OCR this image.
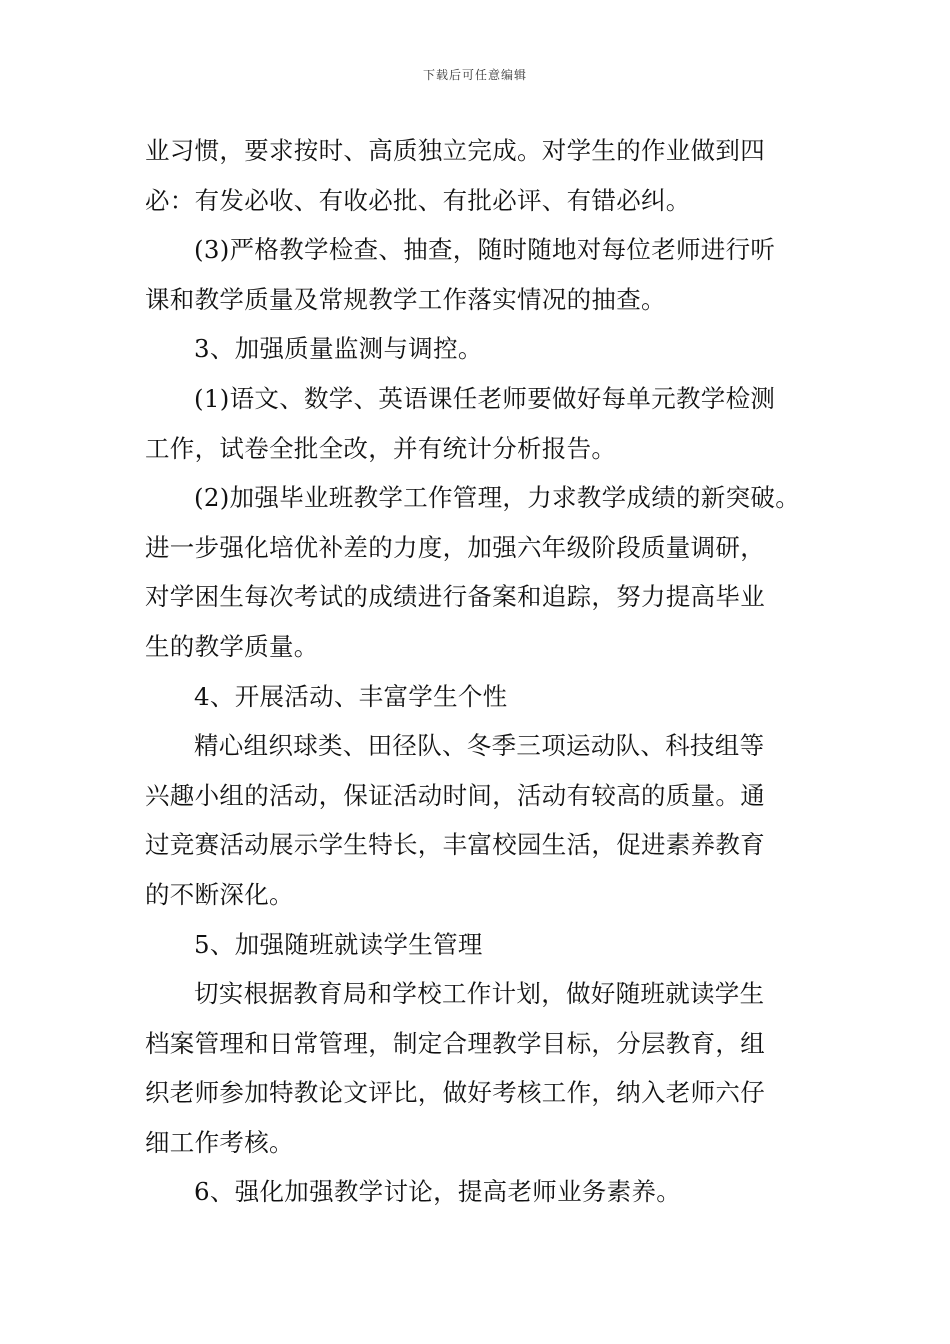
下载后可任意编辑
业习惯，要求按时、高质独立完成。对学生的作业做到四
必：有发必收、有收必批、有批必评、有错必纠。
(3)严格教学检查、抽查，随时随地对每位老师进行听
课和教学质量及常规教学工作落实情况的抽查。
3、加强质量监测与调控。
(1)语文、数学、英语课任老师要做好每单元教学检测
工作，试卷全批全改，并有统计分析报告。
(2)加强毕业班教学工作管理，力求教学成绩的新突破。
进一步强化培优补差的力度，加强六年级阶段质量调研，
对学困生每次考试的成绩进行备案和追踪，努力提高毕业
生的教学质量。
4、开展活动、丰富学生个性
精心组织球类、田径队、冬季三项运动队、科技组等
兴趣小组的活动，保证活动时间，活动有较高的质量。通
过竞赛活动展示学生特长，丰富校园生活，促进素养教育
的不断深化。
5、加强随班就读学生管理
切实根据教育局和学校工作计划，做好随班就读学生
档案管理和日常管理，制定合理教学目标，分层教育，组
织老师参加特教论文评比，做好考核工作，纳入老师六仔
细工作考核。
6、强化加强教学讨论，提高老师业务素养。
